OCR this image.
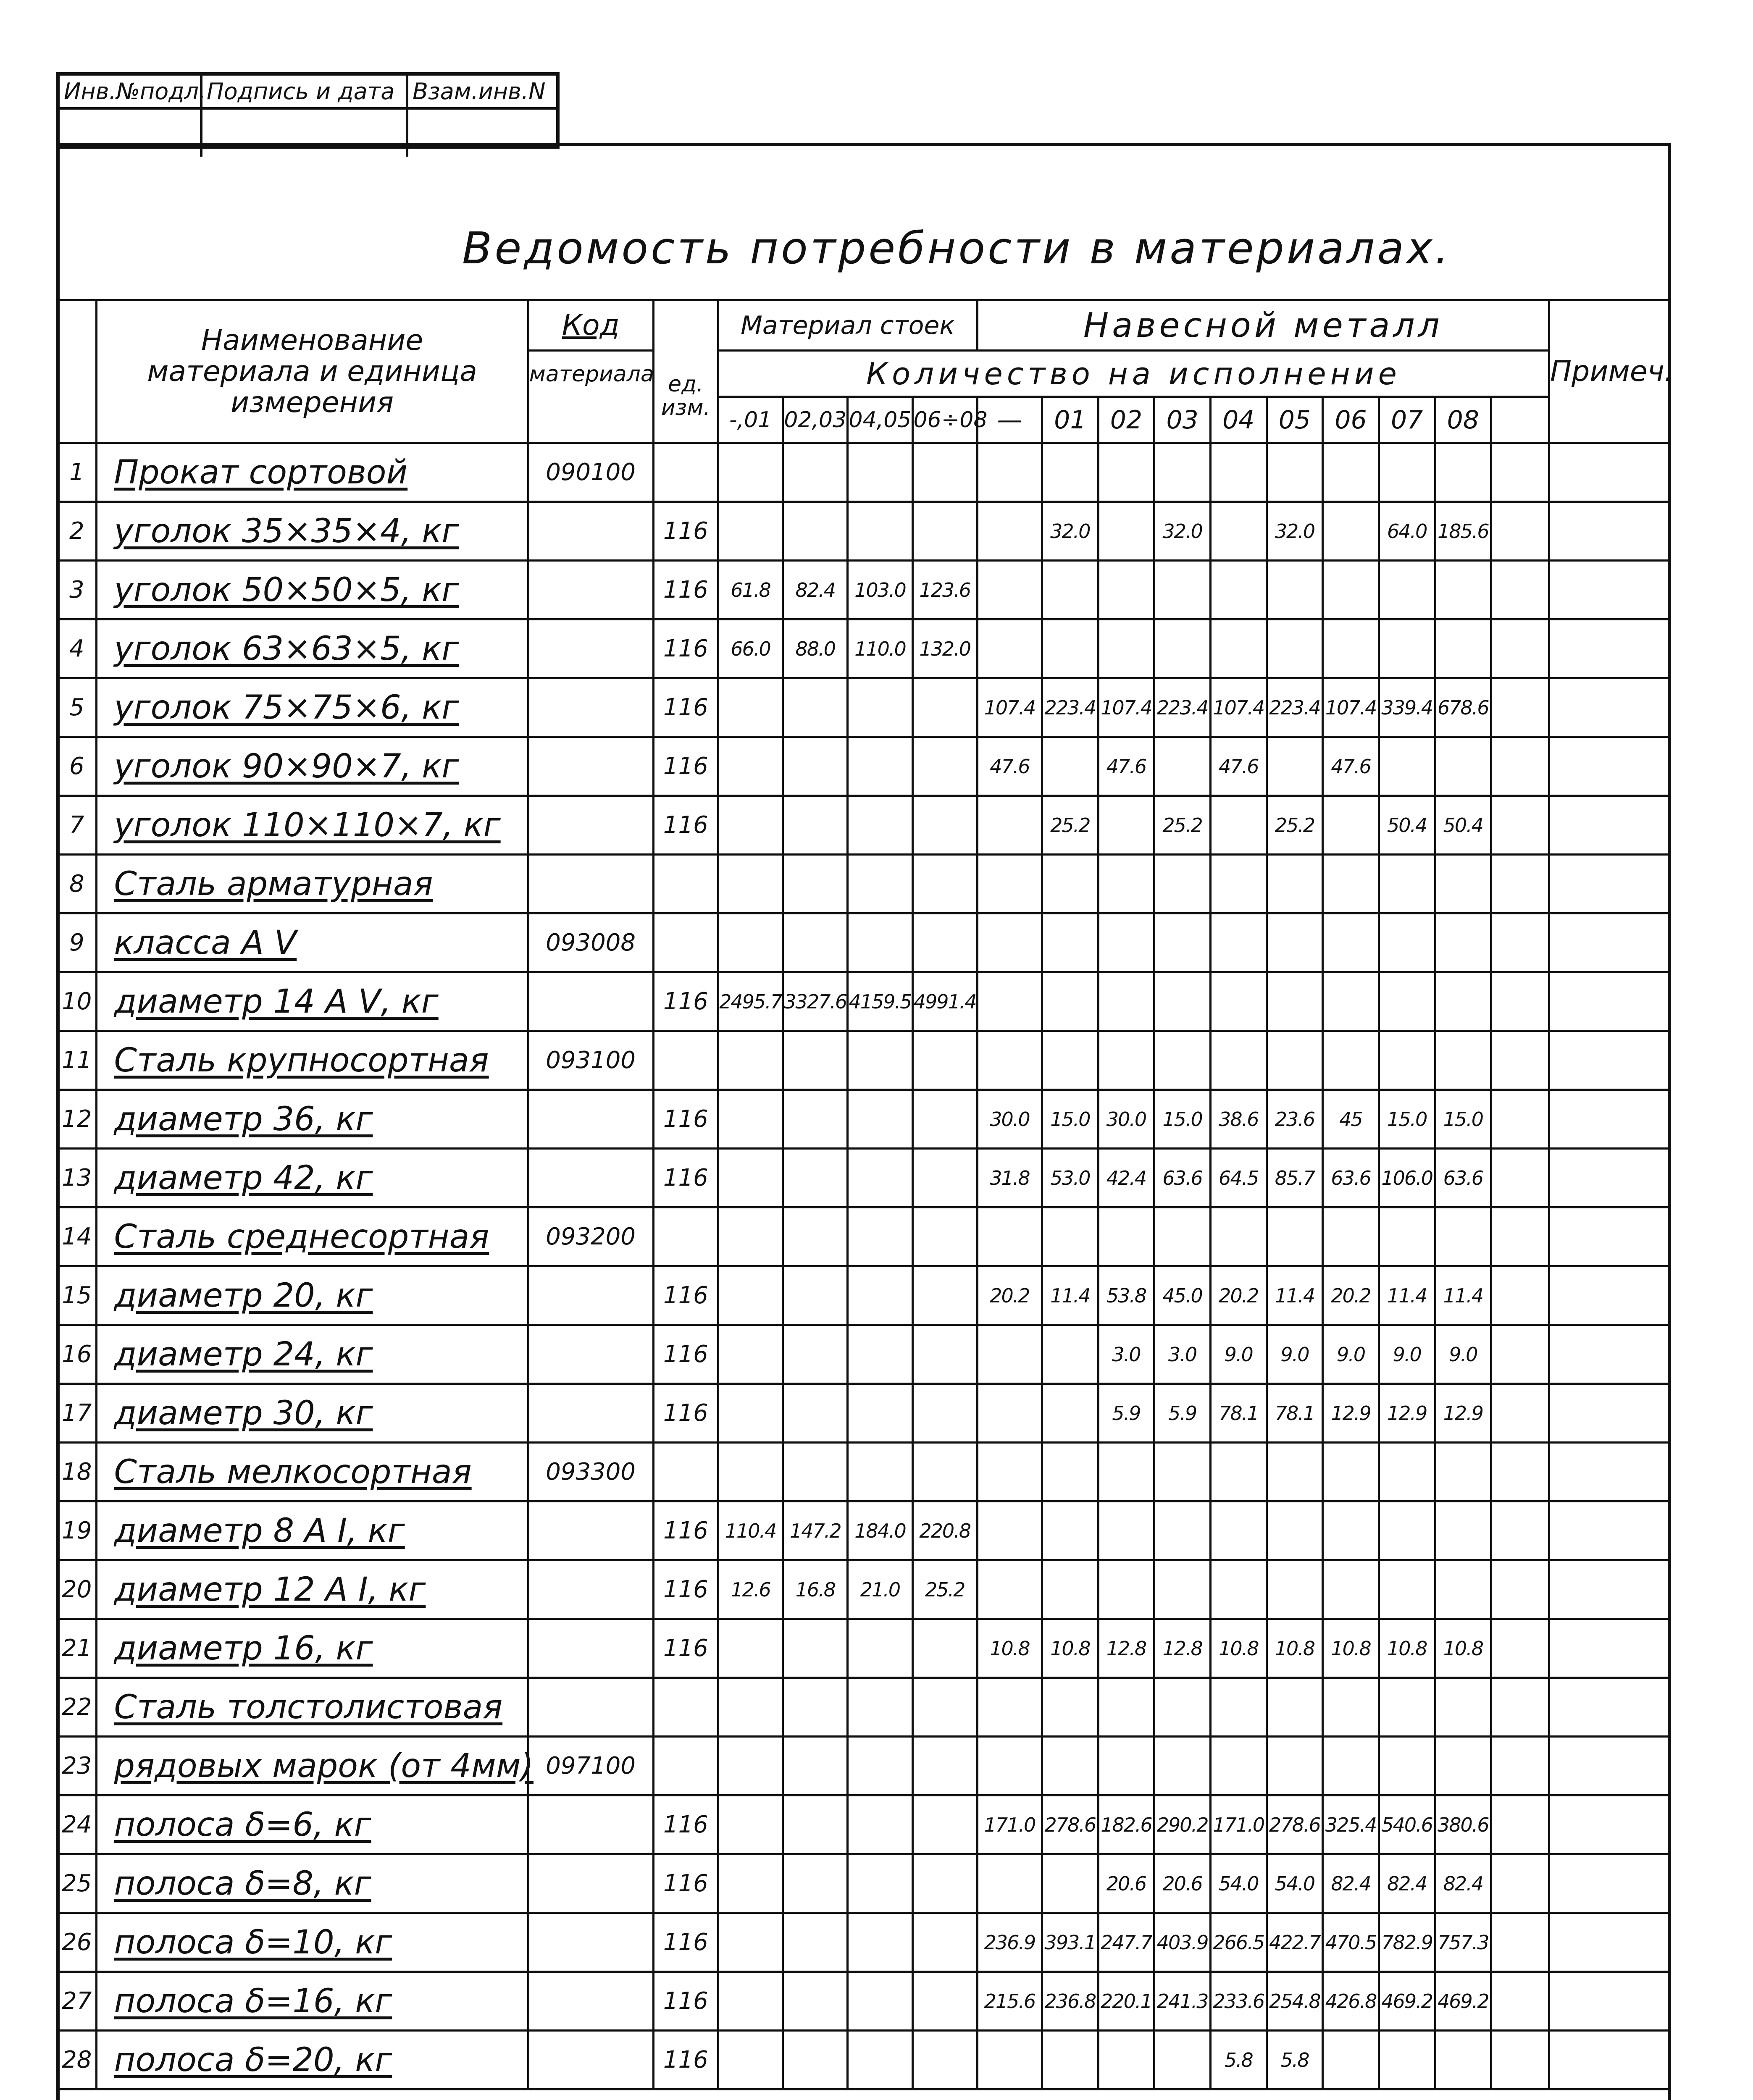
Инв.№подл. Подпись и дата Взам.инв.N
Ведомость потребности в материалах.
	Наименование материала и единица измерения	Код		Материал стоек				Навесной металл										Примеч.
		материала	ед. изм.	Количество на исполнение														
				-,01	02,03	04,05	06÷08	—	01	02	03	04	05	06	07	08		
1	Прокат сортовой	090100																
2	уголок 35×35×4, кг		116						32.0		32.0		32.0		64.0	185.6		
3	уголок 50×50×5, кг		116	61.8	82.4	103.0	123.6											
4	уголок 63×63×5, кг		116	66.0	88.0	110.0	132.0											
5	уголок 75×75×6, кг		116					107.4	223.4	107.4	223.4	107.4	223.4	107.4	339.4	678.6		
6	уголок 90×90×7, кг		116					47.6		47.6		47.6		47.6				
7	уголок 110×110×7, кг		116						25.2		25.2		25.2		50.4	50.4		
8	Сталь арматурная																	
9	класса А Ⅴ	093008																
10	диаметр 14 А Ⅴ, кг		116	2495.7	3327.6	4159.5	4991.4											
11	Сталь крупносортная	093100																
12	диаметр 36, кг		116					30.0	15.0	30.0	15.0	38.6	23.6	45	15.0	15.0		
13	диаметр 42, кг		116					31.8	53.0	42.4	63.6	64.5	85.7	63.6	106.0	63.6		
14	Сталь среднесортная	093200																
15	диаметр 20, кг		116					20.2	11.4	53.8	45.0	20.2	11.4	20.2	11.4	11.4		
16	диаметр 24, кг		116							3.0	3.0	9.0	9.0	9.0	9.0	9.0		
17	диаметр 30, кг		116							5.9	5.9	78.1	78.1	12.9	12.9	12.9		
18	Сталь мелкосортная	093300																
19	диаметр 8 А Ⅰ, кг		116	110.4	147.2	184.0	220.8											
20	диаметр 12 А Ⅰ, кг		116	12.6	16.8	21.0	25.2											
21	диаметр 16, кг		116					10.8	10.8	12.8	12.8	10.8	10.8	10.8	10.8	10.8		
22	Сталь толстолистовая																	
23	рядовых марок (от 4мм)	097100																
24	полоса δ=6, кг		116					171.0	278.6	182.6	290.2	171.0	278.6	325.4	540.6	380.6		
25	полоса δ=8, кг		116							20.6	20.6	54.0	54.0	82.4	82.4	82.4		
26	полоса δ=10, кг		116					236.9	393.1	247.7	403.9	266.5	422.7	470.5	782.9	757.3		
27	полоса δ=16, кг		116					215.6	236.8	220.1	241.3	233.6	254.8	426.8	469.2	469.2		
28	полоса δ=20, кг		116									5.8	5.8					
